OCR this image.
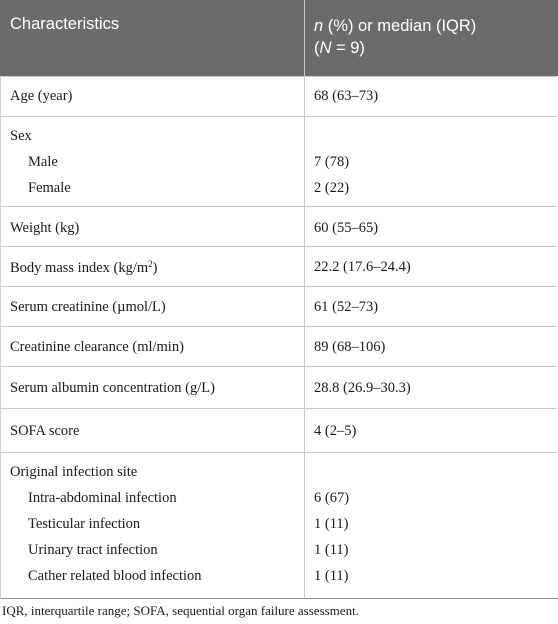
Characteristics	n (%) or median (IQR)
(N = 9)
Age (year)	68 (63–73)
Sex
Male	7 (78)
Female	2 (22)
Weight (kg)	60 (55–65)
Body mass index $(kg/m^2)$	22.2 (17.6–24.4)
Serum creatinine (µmol/L)	61 (52–73)
Creatinine clearance (ml/min)	89 (68–106)
Serum albumin concentration (g/L)	28.8 (26.9–30.3)
SOFA score	4 (2–5)
Original infection site
Intra-abdominal infection	6 (67)
Testicular infection	1 (11)
Urinary tract infection	1 (11)
Cather related blood infection	1 (11)
IQR, interquartile range; SOFA, sequential organ failure assessment.
